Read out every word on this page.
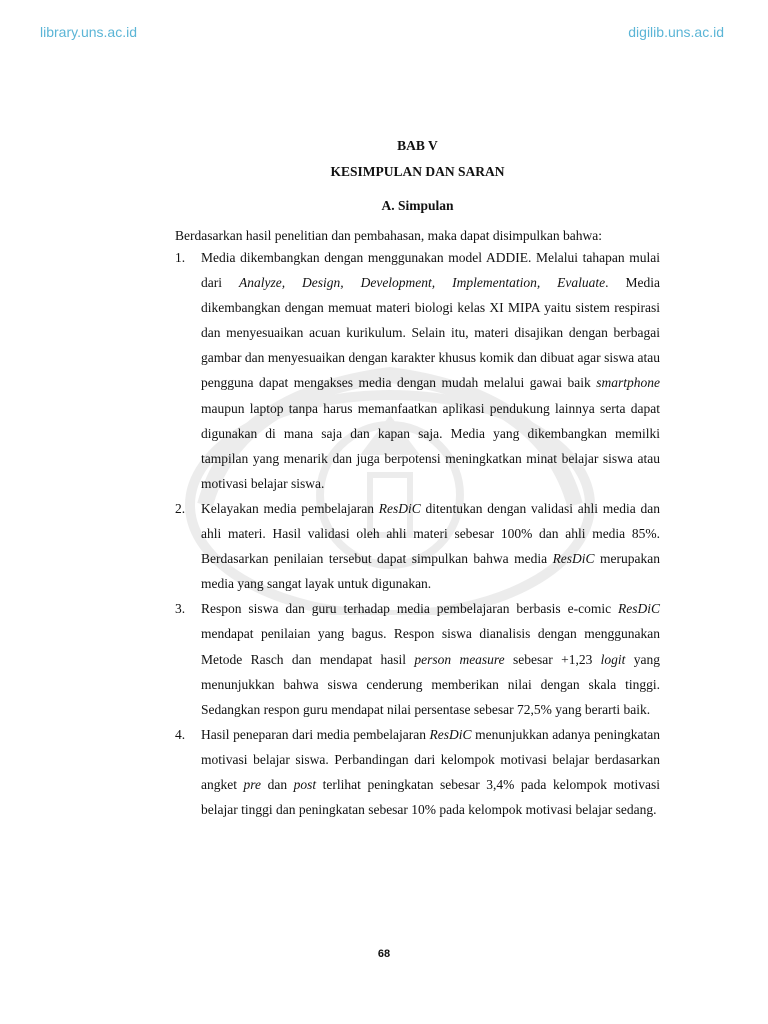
library.uns.ac.id	digilib.uns.ac.id
BAB V
KESIMPULAN DAN SARAN
A. Simpulan
Berdasarkan hasil penelitian dan pembahasan, maka dapat disimpulkan bahwa:
1. Media dikembangkan dengan menggunakan model ADDIE. Melalui tahapan mulai dari Analyze, Design, Development, Implementation, Evaluate. Media dikembangkan dengan memuat materi biologi kelas XI MIPA yaitu sistem respirasi dan menyesuaikan acuan kurikulum. Selain itu, materi disajikan dengan berbagai gambar dan menyesuaikan dengan karakter khusus komik dan dibuat agar siswa atau pengguna dapat mengakses media dengan mudah melalui gawai baik smartphone maupun laptop tanpa harus memanfaatkan aplikasi pendukung lainnya serta dapat digunakan di mana saja dan kapan saja. Media yang dikembangkan memilki tampilan yang menarik dan juga berpotensi meningkatkan minat belajar siswa atau motivasi belajar siswa.
2. Kelayakan media pembelajaran ResDiC ditentukan dengan validasi ahli media dan ahli materi. Hasil validasi oleh ahli materi sebesar 100% dan ahli media 85%. Berdasarkan penilaian tersebut dapat simpulkan bahwa media ResDiC merupakan media yang sangat layak untuk digunakan.
3. Respon siswa dan guru terhadap media pembelajaran berbasis e-comic ResDiC mendapat penilaian yang bagus. Respon siswa dianalisis dengan menggunakan Metode Rasch dan mendapat hasil person measure sebesar +1,23 logit yang menunjukkan bahwa siswa cenderung memberikan nilai dengan skala tinggi. Sedangkan respon guru mendapat nilai persentase sebesar 72,5% yang berarti baik.
4. Hasil peneparan dari media pembelajaran ResDiC menunjukkan adanya peningkatan motivasi belajar siswa. Perbandingan dari kelompok motivasi belajar berdasarkan angket pre dan post terlihat peningkatan sebesar 3,4% pada kelompok motivasi belajar tinggi dan peningkatan sebesar 10% pada kelompok motivasi belajar sedang.
68
